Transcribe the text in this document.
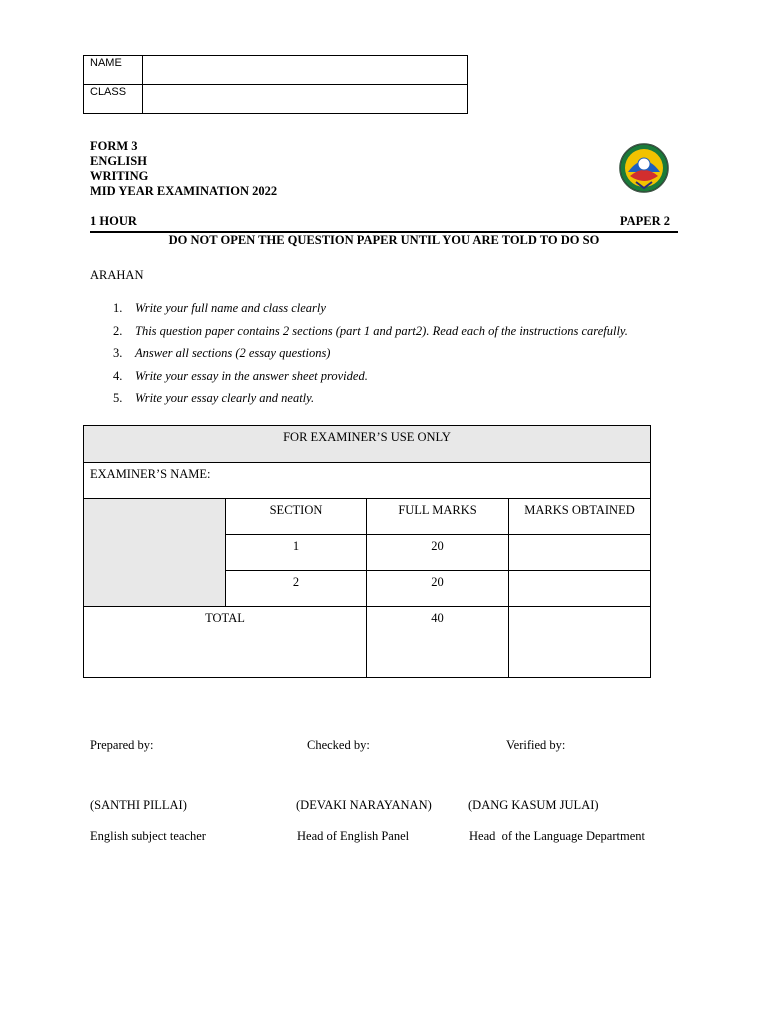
NAME	
CLASS	
FORM 3
ENGLISH
WRITING
MID YEAR EXAMINATION 2022
1 HOUR	PAPER 2
DO NOT OPEN THE QUESTION PAPER UNTIL YOU ARE TOLD TO DO SO
ARAHAN
1.	Write your full name and class clearly
2.	This question paper contains 2 sections (part 1 and part2). Read each of the instructions carefully.
3.	Answer all sections (2 essay questions)
4.	Write your essay in the answer sheet provided.
5.	Write your essay clearly and neatly.
FOR EXAMINER’S USE ONLY			
EXAMINER’S NAME:			
	SECTION	FULL MARKS	MARKS OBTAINED
	1	20	
	2	20	
TOTAL		40	
Prepared by:	Checked by:	Verified by:
(SANTHI PILLAI)	(DEVAKI NARAYANAN)	(DANG KASUM JULAI)
English subject teacher	Head of English Panel	Head  of the Language Department
